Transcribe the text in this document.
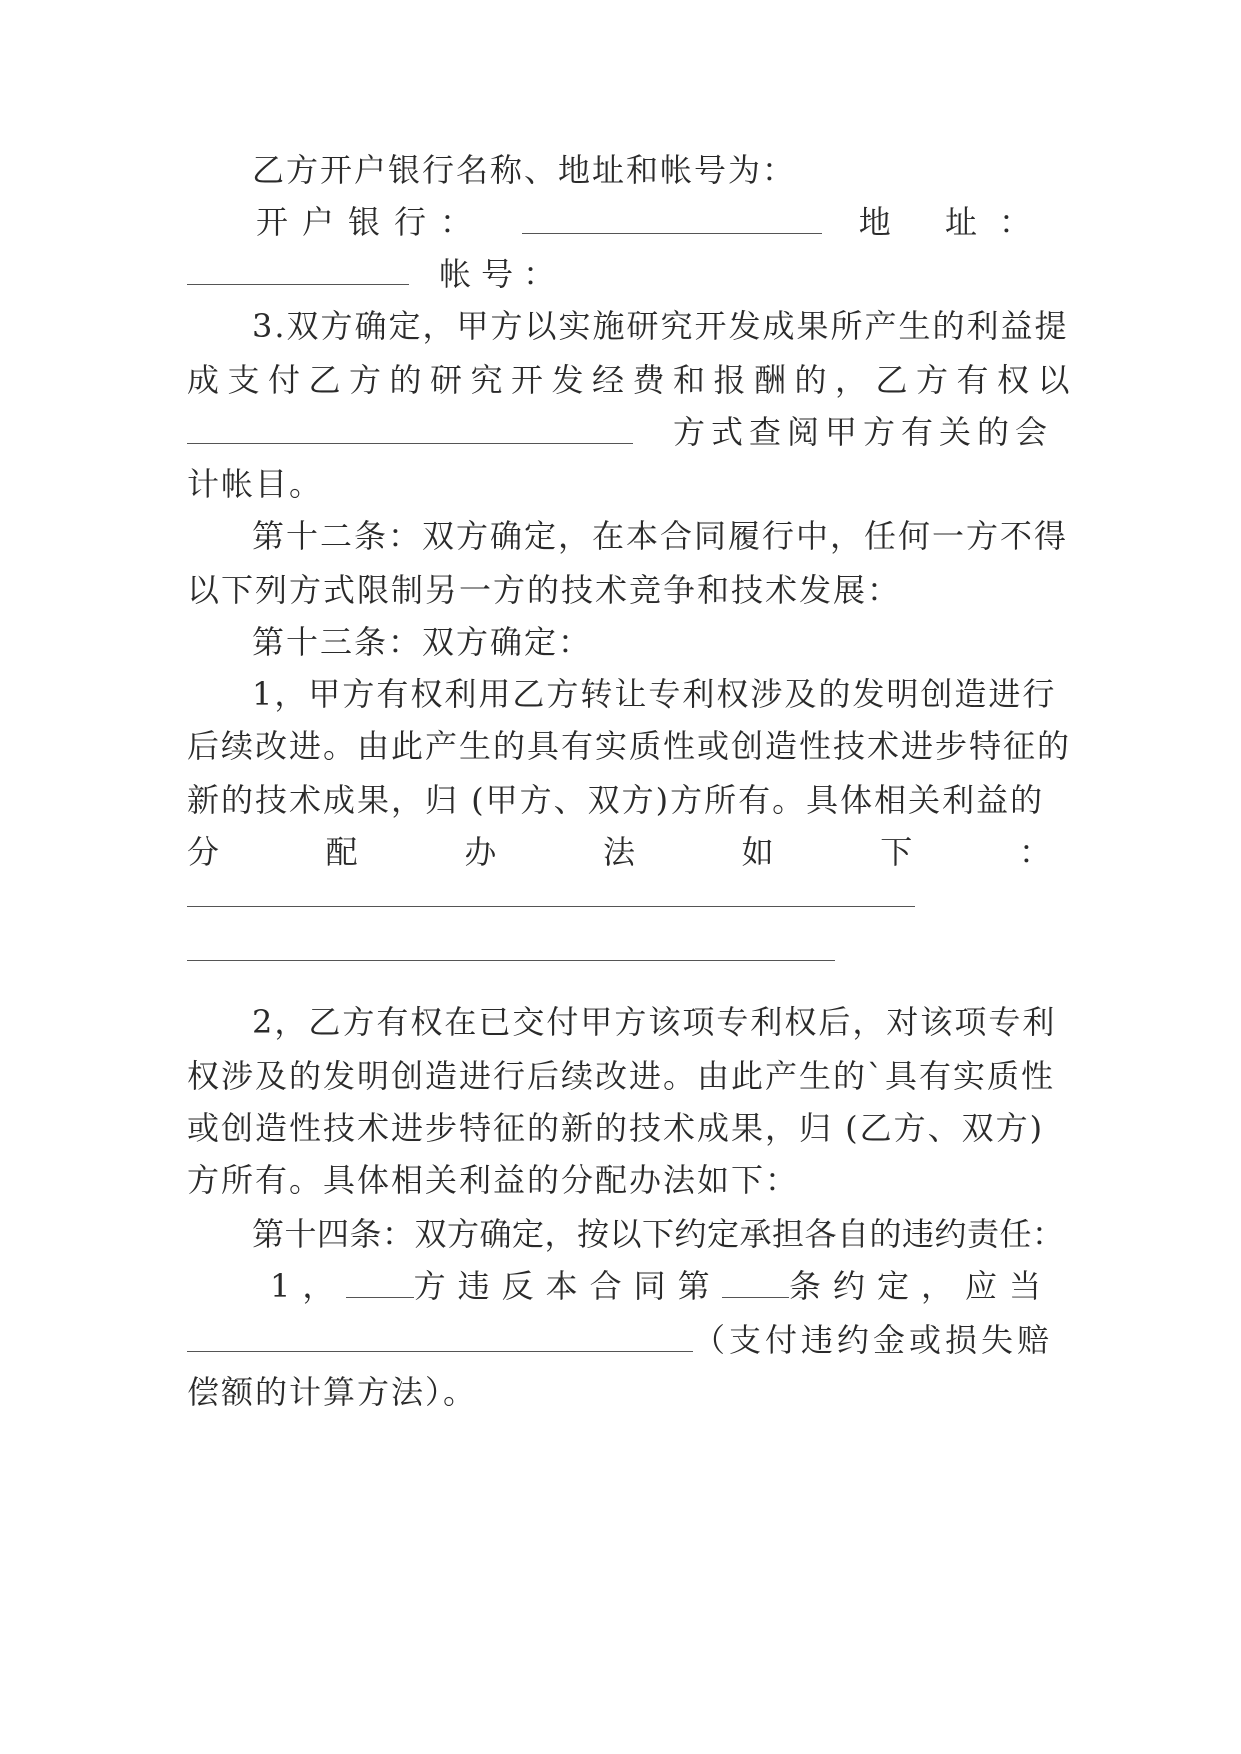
乙方开户银行名称、地址和帐号为：
开户银行：	地 址：
帐号：
3.双方确定，甲方以实施研究开发成果所产生的利益提
成支付乙方的研究开发经费和报酬的，乙方有权以
方式查阅甲方有关的会
计帐目。
第十二条：双方确定，在本合同履行中，任何一方不得
以下列方式限制另一方的技术竞争和技术发展：
第十三条：双方确定：
1，甲方有权利用乙方转让专利权涉及的发明创造进行
后续改进。由此产生的具有实质性或创造性技术进步特征的
新的技术成果，归 (甲方、双方)方所有。具体相关利益的
分	配	办	法	如	下	：
2，乙方有权在已交付甲方该项专利权后，对该项专利
权涉及的发明创造进行后续改进。由此产生的`具有实质性
或创造性技术进步特征的新的技术成果，归 (乙方、双方)
方所有。具体相关利益的分配办法如下：
第十四条：双方确定，按以下约定承担各自的违约责任：
1， 方违反本合同第 条约定，应当
（支付违约金或损失赔
偿额的计算方法）。
